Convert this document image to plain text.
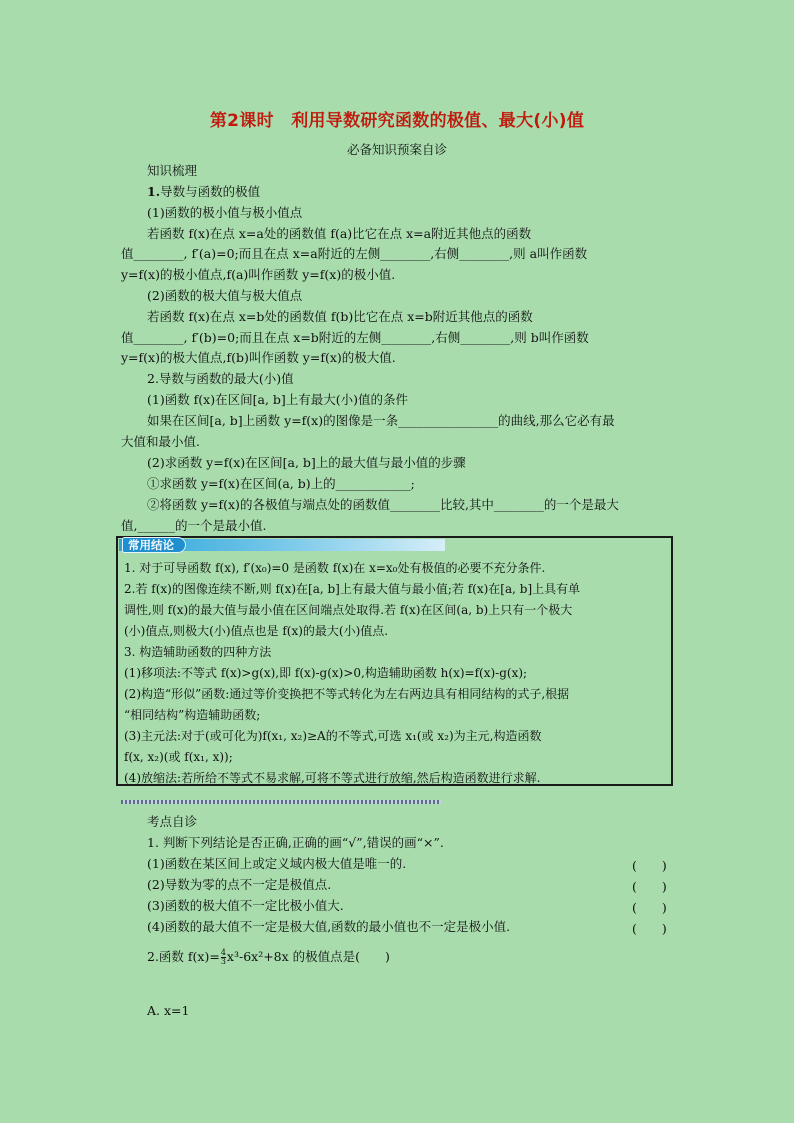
第2课时　利用导数研究函数的极值、最大(小)值
必备知识预案自诊
知识梳理
1.导数与函数的极值
(1)函数的极小值与极小值点
若函数 f(x)在点 x=a处的函数值 f(a)比它在点 x=a附近其他点的函数
值________, f′(a)=0;而且在点 x=a附近的左侧________,右侧________,则 a叫作函数
y=f(x)的极小值点,f(a)叫作函数 y=f(x)的极小值.
(2)函数的极大值与极大值点
若函数 f(x)在点 x=b处的函数值 f(b)比它在点 x=b附近其他点的函数
值________, f′(b)=0;而且在点 x=b附近的左侧________,右侧________,则 b叫作函数
y=f(x)的极大值点,f(b)叫作函数 y=f(x)的极大值.
2.导数与函数的最大(小)值
(1)函数 f(x)在区间[a, b]上有最大(小)值的条件
如果在区间[a, b]上函数 y=f(x)的图像是一条________________的曲线,那么它必有最
大值和最小值.
(2)求函数 y=f(x)在区间[a, b]上的最大值与最小值的步骤
①求函数 y=f(x)在区间(a, b)上的____________;
②将函数 y=f(x)的各极值与端点处的函数值________比较,其中________的一个是最大
值,______的一个是最小值.
常用结论
1. 对于可导函数 f(x), f′(x₀)=0 是函数 f(x)在 x=x₀处有极值的必要不充分条件.
2.若 f(x)的图像连续不断,则 f(x)在[a, b]上有最大值与最小值;若 f(x)在[a, b]上具有单
调性,则 f(x)的最大值与最小值在区间端点处取得.若 f(x)在区间(a, b)上只有一个极大
(小)值点,则极大(小)值点也是 f(x)的最大(小)值点.
3. 构造辅助函数的四种方法
(1)移项法:不等式 f(x)>g(x),即 f(x)-g(x)>0,构造辅助函数 h(x)=f(x)-g(x);
(2)构造“形似”函数:通过等价变换把不等式转化为左右两边具有相同结构的式子,根据
“相同结构”构造辅助函数;
(3)主元法:对于(或可化为)f(x₁, x₂)≥A的不等式,可选 x₁(或 x₂)为主元,构造函数
f(x, x₂)(或 f(x₁, x));
(4)放缩法:若所给不等式不易求解,可将不等式进行放缩,然后构造函数进行求解.
考点自诊
1. 判断下列结论是否正确,正确的画“√”,错误的画“×”.
(1)函数在某区间上或定义域内极大值是唯一的.	(　　)
(2)导数为零的点不一定是极值点.	(　　)
(3)函数的极大值不一定比极小值大.	(　　)
(4)函数的最大值不一定是极大值,函数的最小值也不一定是极小值.	(　　)
2.函数 $f(x)= \frac{4}{3} x^3-6x^2+8x$ 的极值点是(　　)
A. x=1
